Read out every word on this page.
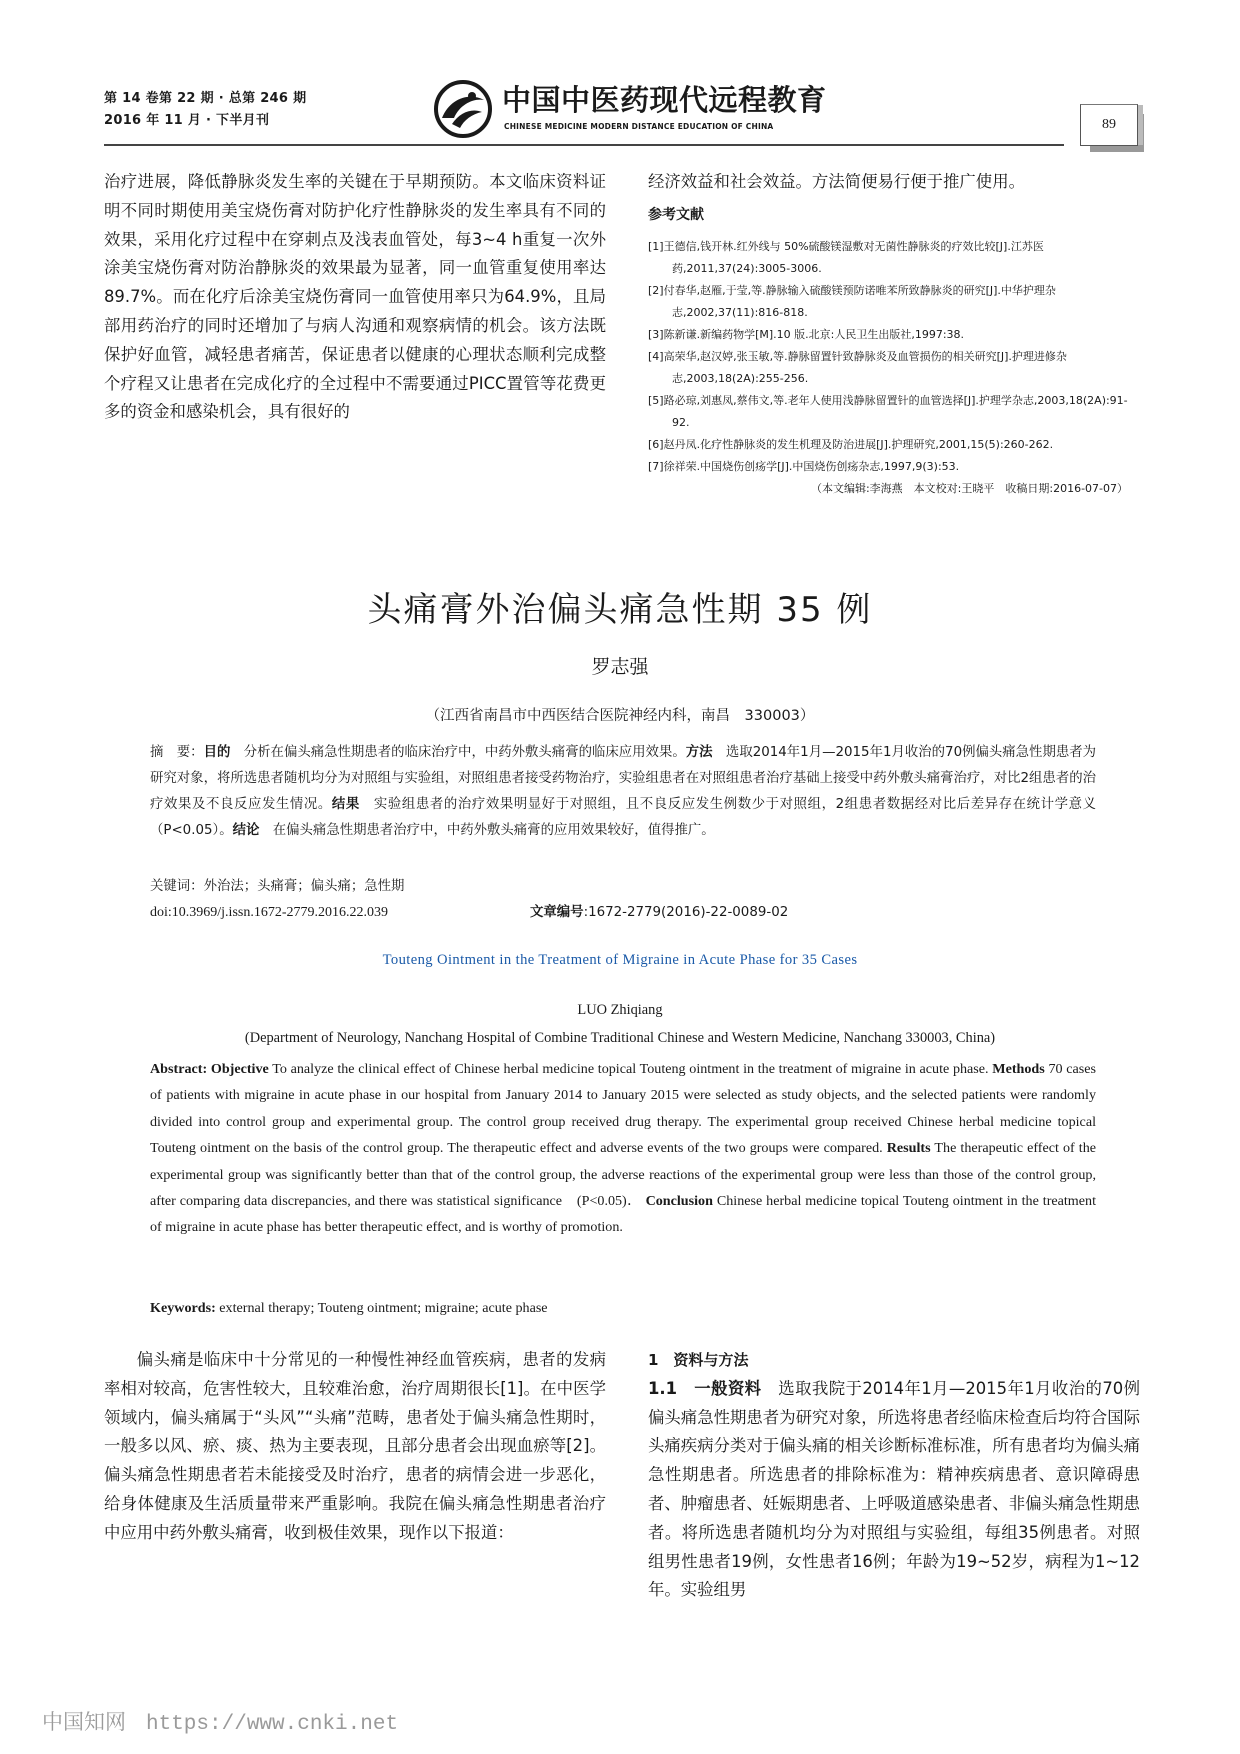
第 14 卷第 22 期 · 总第 246 期
2016 年 11 月 · 下半月刊
中国中医药现代远程教育
CHINESE MEDICINE MODERN DISTANCE EDUCATION OF CHINA	89

治疗进展，降低静脉炎发生率的关键在于早期预防。本文临床资料证明不同时期使用美宝烧伤膏对防护化疗性静脉炎的发生率具有不同的效果，采用化疗过程中在穿刺点及浅表血管处，每3~4 h重复一次外涂美宝烧伤膏对防治静脉炎的效果最为显著，同一血管重复使用率达89.7%。而在化疗后涂美宝烧伤膏同一血管使用率只为64.9%，且局部用药治疗的同时还增加了与病人沟通和观察病情的机会。该方法既保护好血管，减轻患者痛苦，保证患者以健康的心理状态顺利完成整个疗程又让患者在完成化疗的全过程中不需要通过PICC置管等花费更多的资金和感染机会，具有很好的

经济效益和社会效益。方法简便易行便于推广使用。

参考文献

[1]王德信,钱开林.红外线与 50%硫酸镁湿敷对无菌性静脉炎的疗效比较[J].江苏医药,2011,37(24):3005-3006.

[2]付春华,赵雁,于莹,等.静脉输入硫酸镁预防诺唯苯所致静脉炎的研究[J].中华护理杂志,2002,37(11):816-818.

[3]陈新谦.新编药物学[M].10 版.北京:人民卫生出版社,1997:38.

[4]高荣华,赵汉婷,张玉敏,等.静脉留置针致静脉炎及血管损伤的相关研究[J].护理进修杂志,2003,18(2A):255-256.

[5]路必琼,刘惠凤,蔡伟文,等.老年人使用浅静脉留置针的血管选择[J].护理学杂志,2003,18(2A):91-92.

[6]赵丹凤.化疗性静脉炎的发生机理及防治进展[J].护理研究,2001,15(5):260-262.

[7]徐祥荣.中国烧伤创疡学[J].中国烧伤创疡杂志,1997,9(3):53.

（本文编辑:李海燕　本文校对:王晓平　收稿日期:2016-07-07）
头痛膏外治偏头痛急性期 35 例
罗志强
（江西省南昌市中西医结合医院神经内科，南昌　330003）
摘　要：目的　分析在偏头痛急性期患者的临床治疗中，中药外敷头痛膏的临床应用效果。方法　选取2014年1月—2015年1月收治的70例偏头痛急性期患者为研究对象，将所选患者随机均分为对照组与实验组，对照组患者接受药物治疗，实验组患者在对照组患者治疗基础上接受中药外敷头痛膏治疗，对比2组患者的治疗效果及不良反应发生情况。结果　实验组患者的治疗效果明显好于对照组，且不良反应发生例数少于对照组，2组患者数据经对比后差异存在统计学意义（P<0.05）。结论　在偏头痛急性期患者治疗中，中药外敷头痛膏的应用效果较好，值得推广。
关键词：外治法；头痛膏；偏头痛；急性期
doi:10.3969/j.issn.1672-2779.2016.22.039	文章编号:1672-2779(2016)-22-0089-02
Touteng Ointment in the Treatment of Migraine in Acute Phase for 35 Cases
LUO Zhiqiang
(Department of Neurology, Nanchang Hospital of Combine Traditional Chinese and Western Medicine, Nanchang 330003, China)
Abstract: Objective To analyze the clinical effect of Chinese herbal medicine topical Touteng ointment in the treatment of migraine in acute phase. Methods 70 cases of patients with migraine in acute phase in our hospital from January 2014 to January 2015 were selected as study objects, and the selected patients were randomly divided into control group and experimental group. The control group received drug therapy. The experimental group received Chinese herbal medicine topical Touteng ointment on the basis of the control group. The therapeutic effect and adverse events of the two groups were compared. Results The therapeutic effect of the experimental group was significantly better than that of the control group, the adverse reactions of the experimental group were less than those of the control group, after comparing data discrepancies, and there was statistical significance　(P<0.05)． Conclusion Chinese herbal medicine topical Touteng ointment in the treatment of migraine in acute phase has better therapeutic effect, and is worthy of promotion.
Keywords: external therapy; Touteng ointment; migraine; acute phase

偏头痛是临床中十分常见的一种慢性神经血管疾病，患者的发病率相对较高，危害性较大，且较难治愈，治疗周期很长[1]。在中医学领域内，偏头痛属于“头风”“头痛”范畴，患者处于偏头痛急性期时，一般多以风、瘀、痰、热为主要表现，且部分患者会出现血瘀等[2]。偏头痛急性期患者若未能接受及时治疗，患者的病情会进一步恶化，给身体健康及生活质量带来严重影响。我院在偏头痛急性期患者治疗中应用中药外敷头痛膏，收到极佳效果，现作以下报道：

1　资料与方法

1.1　一般资料　选取我院于2014年1月—2015年1月收治的70例偏头痛急性期患者为研究对象，所选将患者经临床检查后均符合国际头痛疾病分类对于偏头痛的相关诊断标准标准，所有患者均为偏头痛急性期患者。所选患者的排除标准为：精神疾病患者、意识障碍患者、肿瘤患者、妊娠期患者、上呼吸道感染患者、非偏头痛急性期患者。将所选患者随机均分为对照组与实验组，每组35例患者。对照组男性患者19例，女性患者16例；年龄为19~52岁，病程为1~12年。实验组男

中国知网 https://www.cnki.net
